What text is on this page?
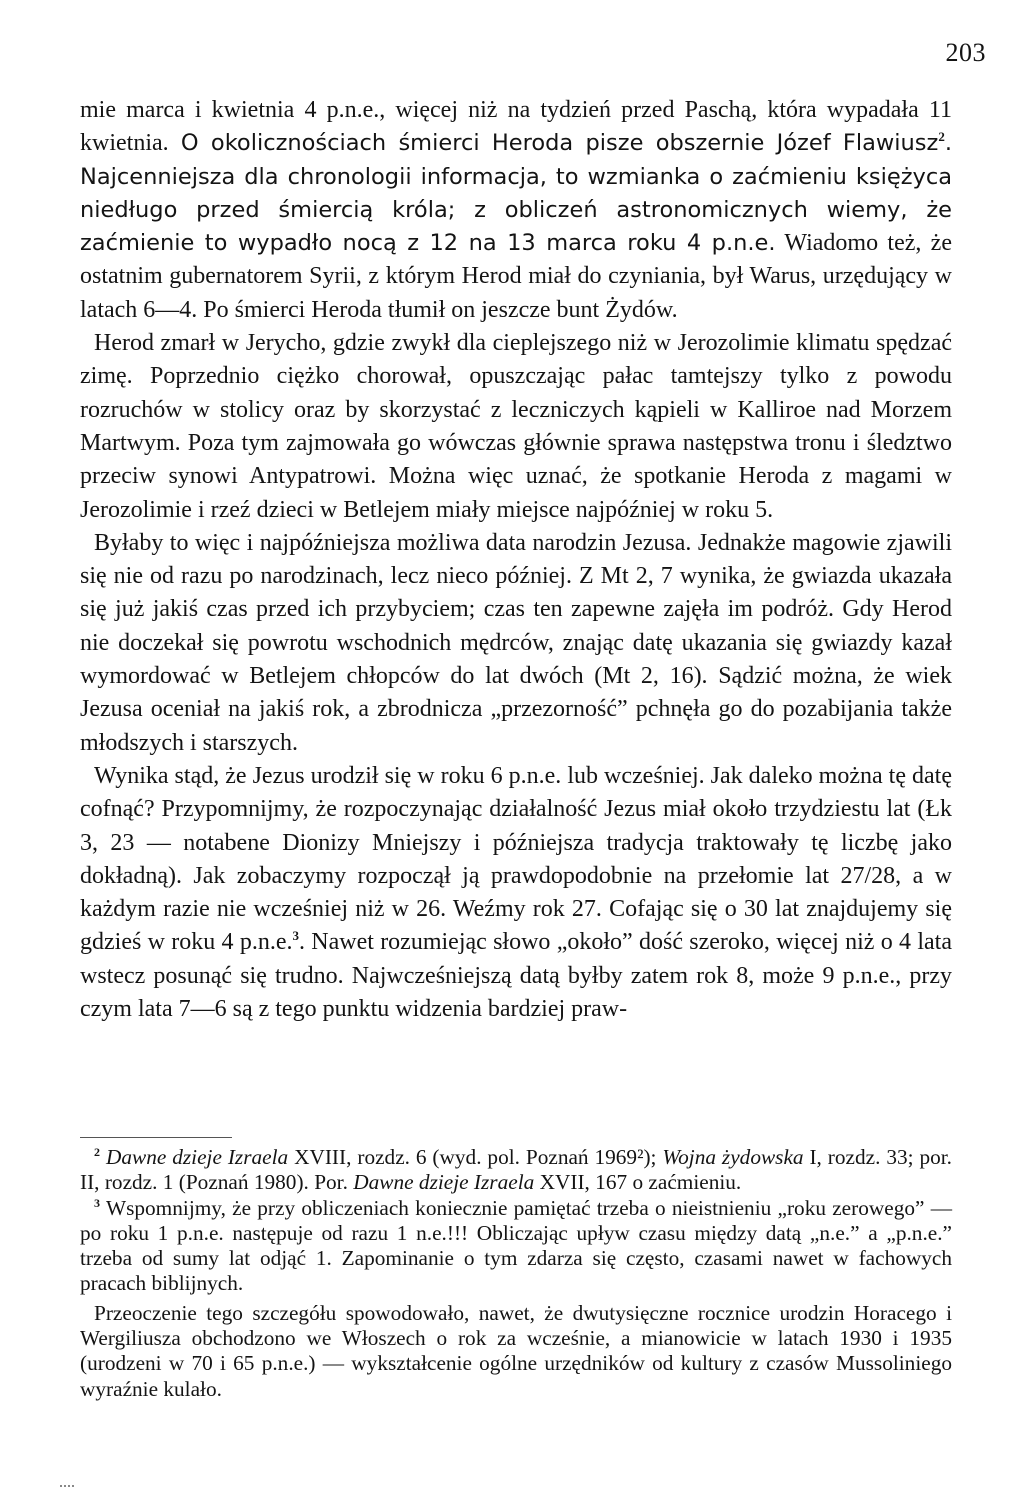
203

mie marca i kwietnia 4 p.n.e., więcej niż na tydzień przed Paschą, która wypadała 11 kwietnia. O okolicznościach śmierci Heroda pisze obszernie Józef Flawiusz$^2$. Najcenniejsza dla chronologii informacja, to wzmianka o zaćmieniu księżyca niedługo przed śmiercią króla; z obliczeń astronomicznych wiemy, że zaćmienie to wypadło nocą z 12 na 13 marca roku 4 p.n.e. Wiadomo też, że ostatnim gubernatorem Syrii, z którym Herod miał do czyniania, był Warus, urzędujący w latach 6—4. Po śmierci Heroda tłumił on jeszcze bunt Żydów.

Herod zmarł w Jerycho, gdzie zwykł dla cieplejszego niż w Jerozolimie klimatu spędzać zimę. Poprzednio ciężko chorował, opuszczając pałac tamtejszy tylko z powodu rozruchów w stolicy oraz by skorzystać z leczniczych kąpieli w Kalliroe nad Morzem Martwym. Poza tym zajmowała go wówczas głównie sprawa następstwa tronu i śledztwo przeciw synowi Antypatrowi. Można więc uznać, że spotkanie Heroda z magami w Jerozolimie i rzeź dzieci w Betlejem miały miejsce najpóźniej w roku 5.

Byłaby to więc i najpóźniejsza możliwa data narodzin Jezusa. Jednakże magowie zjawili się nie od razu po narodzinach, lecz nieco później. Z Mt 2, 7 wynika, że gwiazda ukazała się już jakiś czas przed ich przybyciem; czas ten zapewne zajęła im podróż. Gdy Herod nie doczekał się powrotu wschodnich mędrców, znając datę ukazania się gwiazdy kazał wymordować w Betlejem chłopców do lat dwóch (Mt 2, 16). Sądzić można, że wiek Jezusa oceniał na jakiś rok, a zbrodnicza „przezorność” pchnęła go do pozabijania także młodszych i starszych.

Wynika stąd, że Jezus urodził się w roku 6 p.n.e. lub wcześniej. Jak daleko można tę datę cofnąć? Przypomnijmy, że rozpoczynając działalność Jezus miał około trzydziestu lat (Łk 3, 23 — notabene Dionizy Mniejszy i późniejsza tradycja traktowały tę liczbę jako dokładną). Jak zobaczymy rozpoczął ją prawdopodobnie na przełomie lat 27/28, a w każdym razie nie wcześniej niż w 26. Weźmy rok 27. Cofając się o 30 lat znajdujemy się gdzieś w roku 4 p.n.e.$^3$. Nawet rozumiejąc słowo „około” dość szeroko, więcej niż o 4 lata wstecz posunąć się trudno. Najwcześniejszą datą byłby zatem rok 8, może 9 p.n.e., przy czym lata 7—6 są z tego punktu widzenia bardziej praw-

$^2$ Dawne dzieje Izraela XVIII, rozdz. 6 (wyd. pol. Poznań 1969²); Wojna żydowska I, rozdz. 33; por. II, rozdz. 1 (Poznań 1980). Por. Dawne dzieje Izraela XVII, 167 o zaćmieniu.

$^3$ Wspomnijmy, że przy obliczeniach koniecznie pamiętać trzeba o nieistnieniu „roku zerowego” — po roku 1 p.n.e. następuje od razu 1 n.e.!!! Obliczając upływ czasu między datą „n.e.” a „p.n.e.” trzeba od sumy lat odjąć 1. Zapominanie o tym zdarza się często, czasami nawet w fachowych pracach biblijnych.

Przeoczenie tego szczegółu spowodowało, nawet, że dwutysięczne rocznice urodzin Horacego i Wergiliusza obchodzono we Włoszech o rok za wcześnie, a mianowicie w latach 1930 i 1935 (urodzeni w 70 i 65 p.n.e.) — wykształcenie ogólne urzędników od kultury z czasów Mussoliniego wyraźnie kulało.
